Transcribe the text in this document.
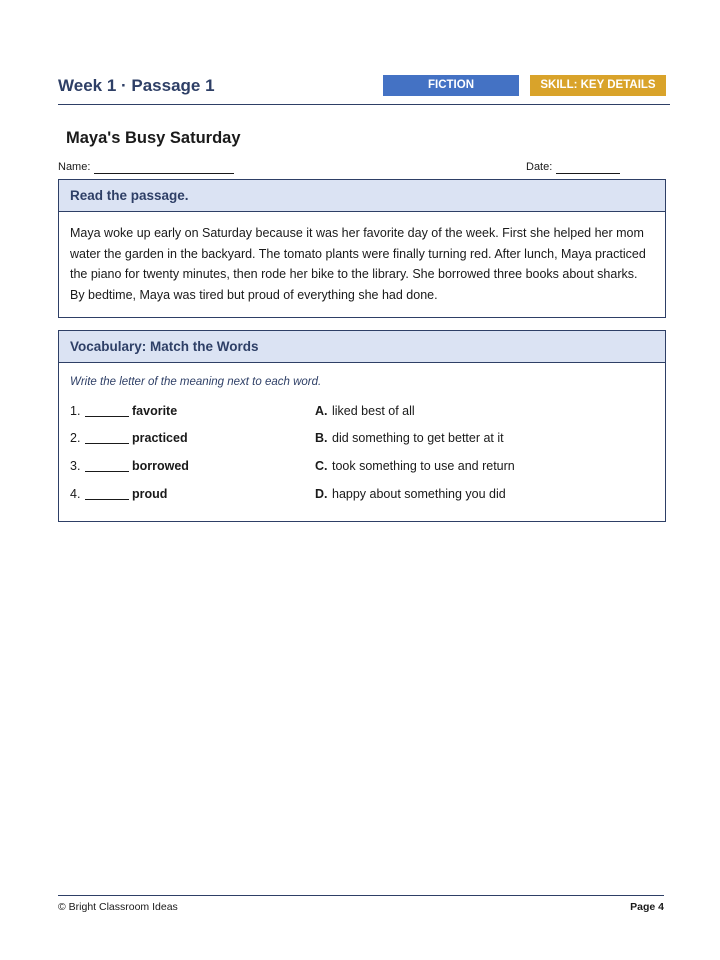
Week 1 · Passage 1	FICTION	SKILL: KEY DETAILS
Maya's Busy Saturday
Name:	Date:
Read the passage.
Maya woke up early on Saturday because it was her favorite day of the week. First she helped her mom water the garden in the backyard. The tomato plants were finally turning red. After lunch, Maya practiced the piano for twenty minutes, then rode her bike to the library. She borrowed three books about sharks. By bedtime, Maya was tired but proud of everything she had done.
Vocabulary: Match the Words
Write the letter of the meaning next to each word.
1.	favorite	A. liked best of all
2.	practiced	B. did something to get better at it
3.	borrowed	C. took something to use and return
4.	proud	D. happy about something you did
© Bright Classroom Ideas	Page 4
